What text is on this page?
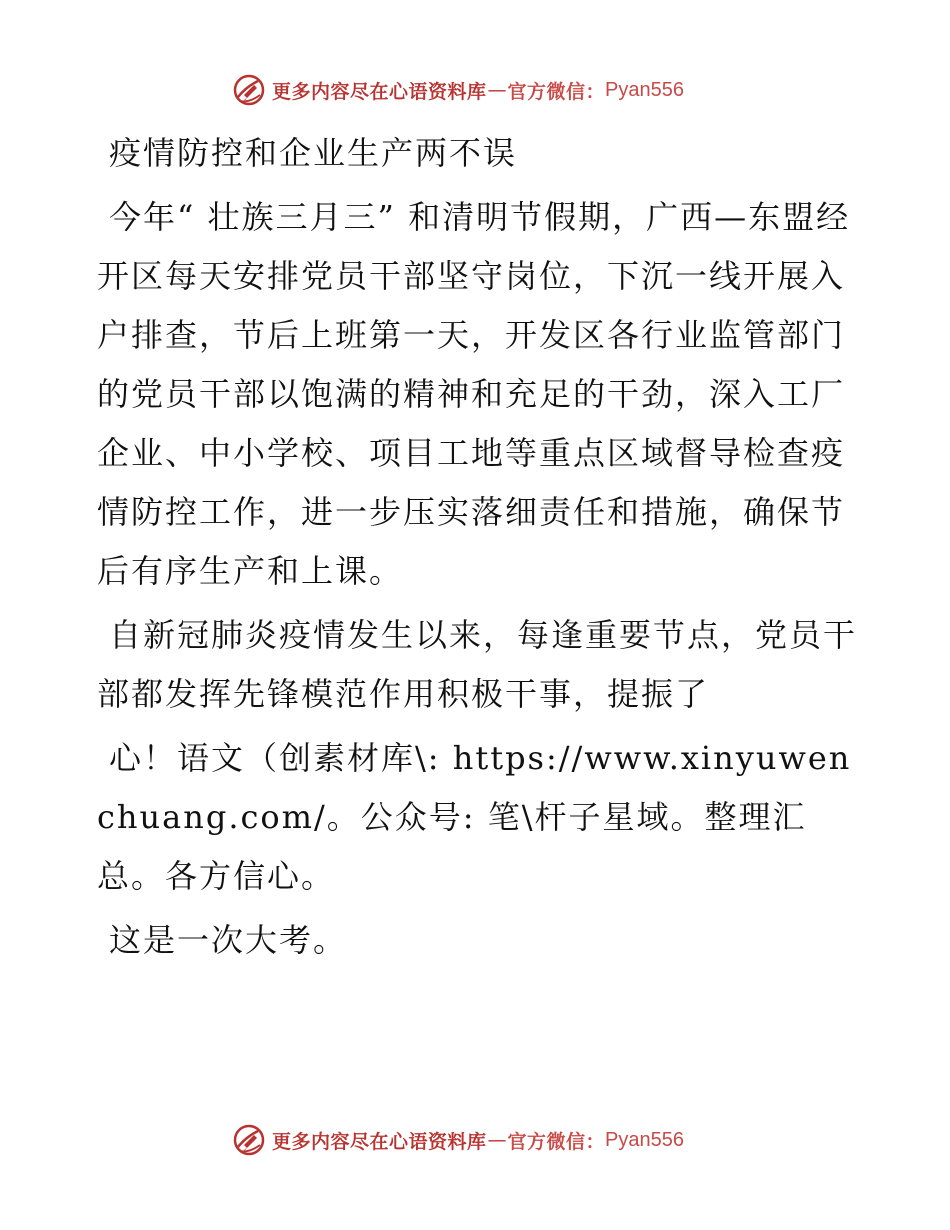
更多内容尽在心语资料库 — 官方微信： Pyan556

疫情防控和企业生产两不误

今年“ 壮族三月三” 和清明节假期，广西—东盟经开区每天安排党员干部坚守岗位，下沉一线开展入户排查，节后上班第一天，开发区各行业监管部门的党员干部以饱满的精神和充足的干劲，深入工厂企业、中小学校、项目工地等重点区域督导检查疫情防控工作，进一步压实落细责任和措施，确保节后有序生产和上课。

自新冠肺炎疫情发生以来，每逢重要节点，党员干部都发挥先锋模范作用积极干事，提振了

心！语文（创素材库\: https://www.xinyuwenchuang.com/。公众号: 笔\杆子星域。整理汇总。各方信心。

这是一次大考。

更多内容尽在心语资料库 — 官方微信： Pyan556
